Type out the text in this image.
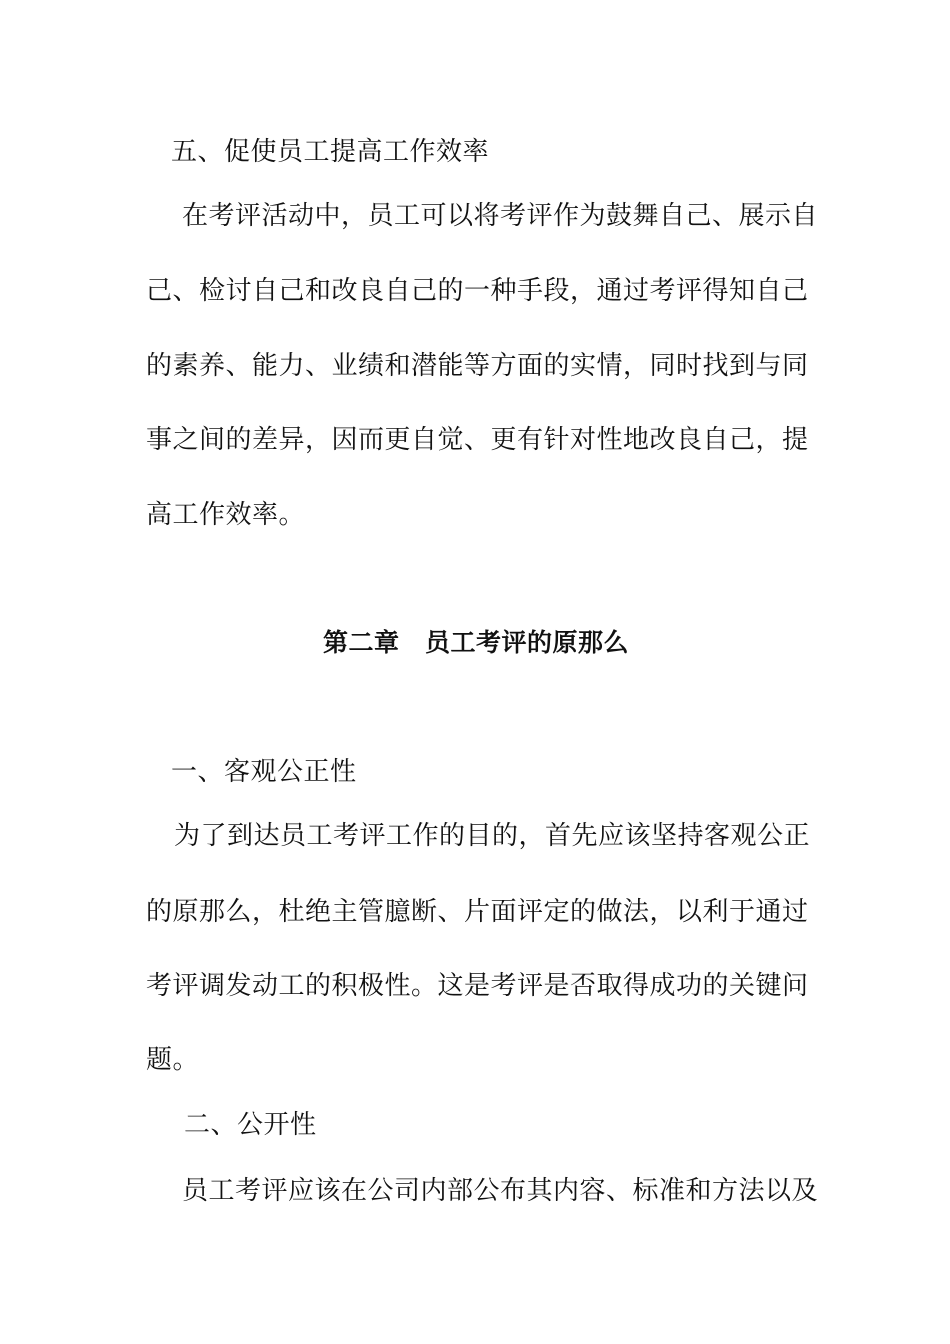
五、促使员工提高工作效率
在考评活动中，员工可以将考评作为鼓舞自己、展示自
己、检讨自己和改良自己的一种手段，通过考评得知自己
的素养、能力、业绩和潜能等方面的实情，同时找到与同
事之间的差异，因而更自觉、更有针对性地改良自己，提
高工作效率。
第二章　员工考评的原那么
一、客观公正性
为了到达员工考评工作的目的，首先应该坚持客观公正
的原那么，杜绝主管臆断、片面评定的做法，以利于通过
考评调发动工的积极性。这是考评是否取得成功的关键问
题。
二、公开性
员工考评应该在公司内部公布其内容、标准和方法以及
